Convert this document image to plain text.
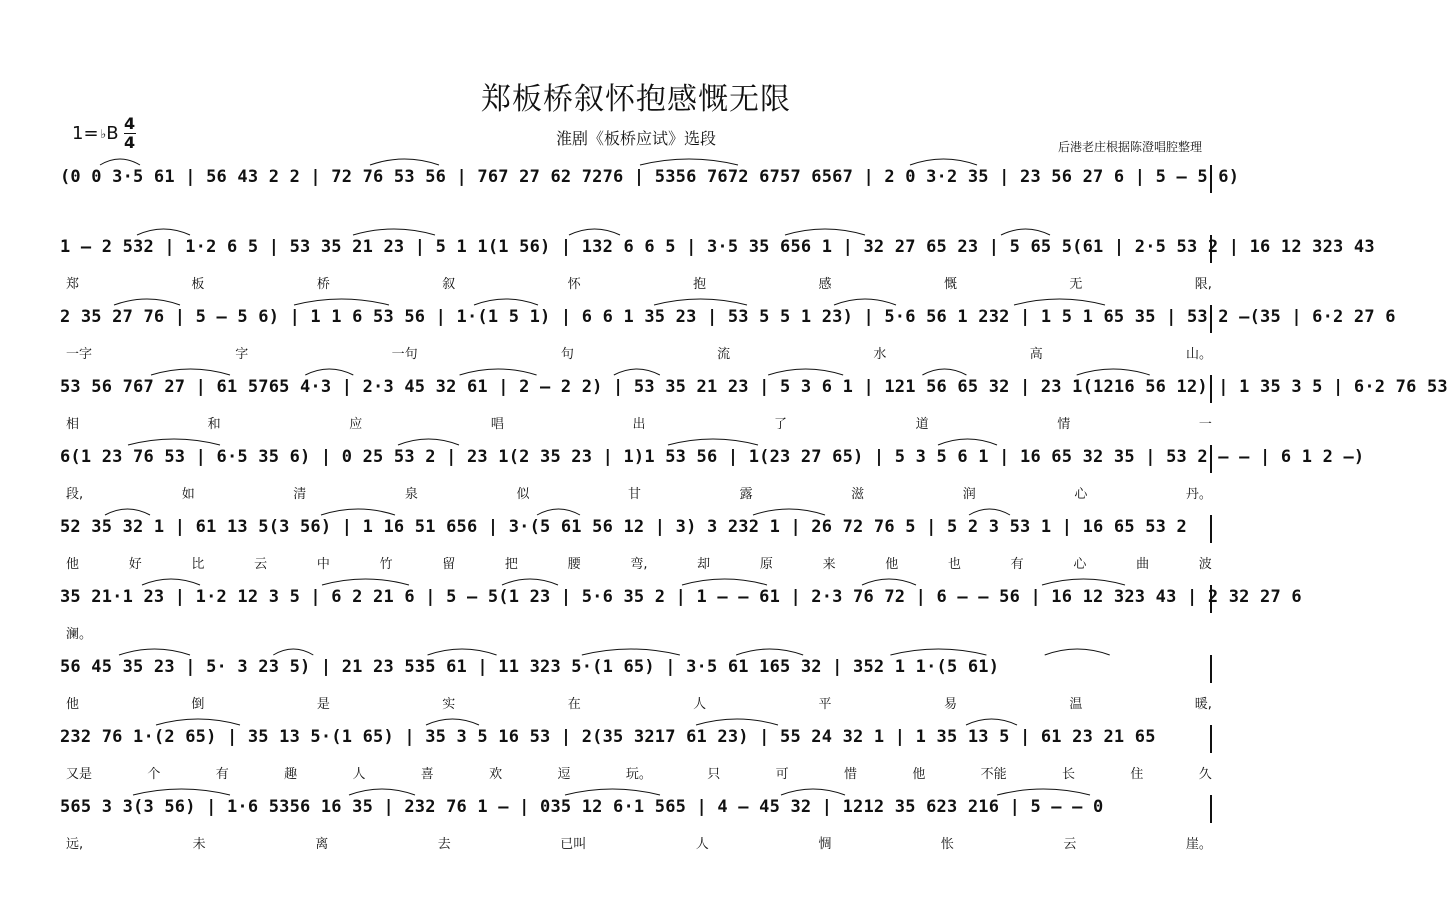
郑板桥叙怀抱感慨无限
1= ♭ B 4
4	淮剧《板桥应试》选段	后港老庄根据陈澄唱腔整理
(0 0 3·5 61 | 56 43 2 2 | 72 76 53 56 | 767 27 62 7276 | 5356 7672 6757 6567 | 2 0 3·2 35 | 23 56 27 6 | 5 – 5 6)
1 – 2 532 | 1·2 6 5 | 53 35 21 23 | 5 1 1(1 56) | 132 6 6 5 | 3·5 35 656 1 | 32 27 65 23 | 5 65 5(61 | 2·5 53 2 | 16 12 323 43
郑	板	桥	叙	怀	抱	感	慨	无	限,
2 35 27 76 | 5 – 5 6) | 1 1 6 53 56 | 1·(1 5 1) | 6 6 1 35 23 | 53 5 5 1 23) | 5·6 56 1 232 | 1 5 1 65 35 | 53 2 –(35 | 6·2 27 6
一字	字	一句	句	流	水	高	山。
53 56 767 27 | 61 5765 4·3 | 2·3 45 32 61 | 2 – 2 2) | 53 35 21 23 | 5 3 6 1 | 121 56 65 32 | 23 1(1216 56 12) | 1 35 3 5 | 6·2 76 53
相	和	应	唱	出	了	道	情	一
6(1 23 76 53 | 6·5 35 6) | 0 25 53 2 | 23 1(2 35 23 | 1)1 53 56 | 1(23 27 65) | 5 3 5 6 1 | 16 65 32 35 | 53 2 – – | 6 1 2 –)
段,	如	清	泉	似	甘	露	滋	润	心	丹。
52 35 32 1 | 61 13 5(3 56) | 1 16 51 656 | 3·(5 61 56 12 | 3) 3 232 1 | 26 72 76 5 | 5 2 3 53 1 | 16 65 53 2
他	好	比	云	中	竹	留	把	腰	弯,	却	原	来	他	也	有	心	曲	波
35 21·1 23 | 1·2 12 3 5 | 6 2 21 6 | 5 – 5(1 23 | 5·6 35 2 | 1 – – 61 | 2·3 76 72 | 6 – – 56 | 16 12 323 43 | 2 32 27 6
澜。
56 45 35 23 | 5· 3 23 5) | 21 23 535 61 | 11 323 5·(1 65) | 3·5 61 165 32 | 352 1 1·(5 61)
他	倒	是	实	在	人	平	易	温	暖,
232 76 1·(2 65) | 35 13 5·(1 65) | 35 3 5 16 53 | 2(35 3217 61 23) | 55 24 32 1 | 1 35 13 5 | 61 23 21 65
又是	个	有	趣	人	喜	欢	逗	玩。	只	可	惜	他	不能	长	住	久
565 3 3(3 56) | 1·6 5356 16 35 | 232 76 1 – | 035 12 6·1 565 | 4 – 45 32 | 1212 35 623 216 | 5 – – 0
远,	未	离	去	已叫	人	惆	怅	云	崖。
